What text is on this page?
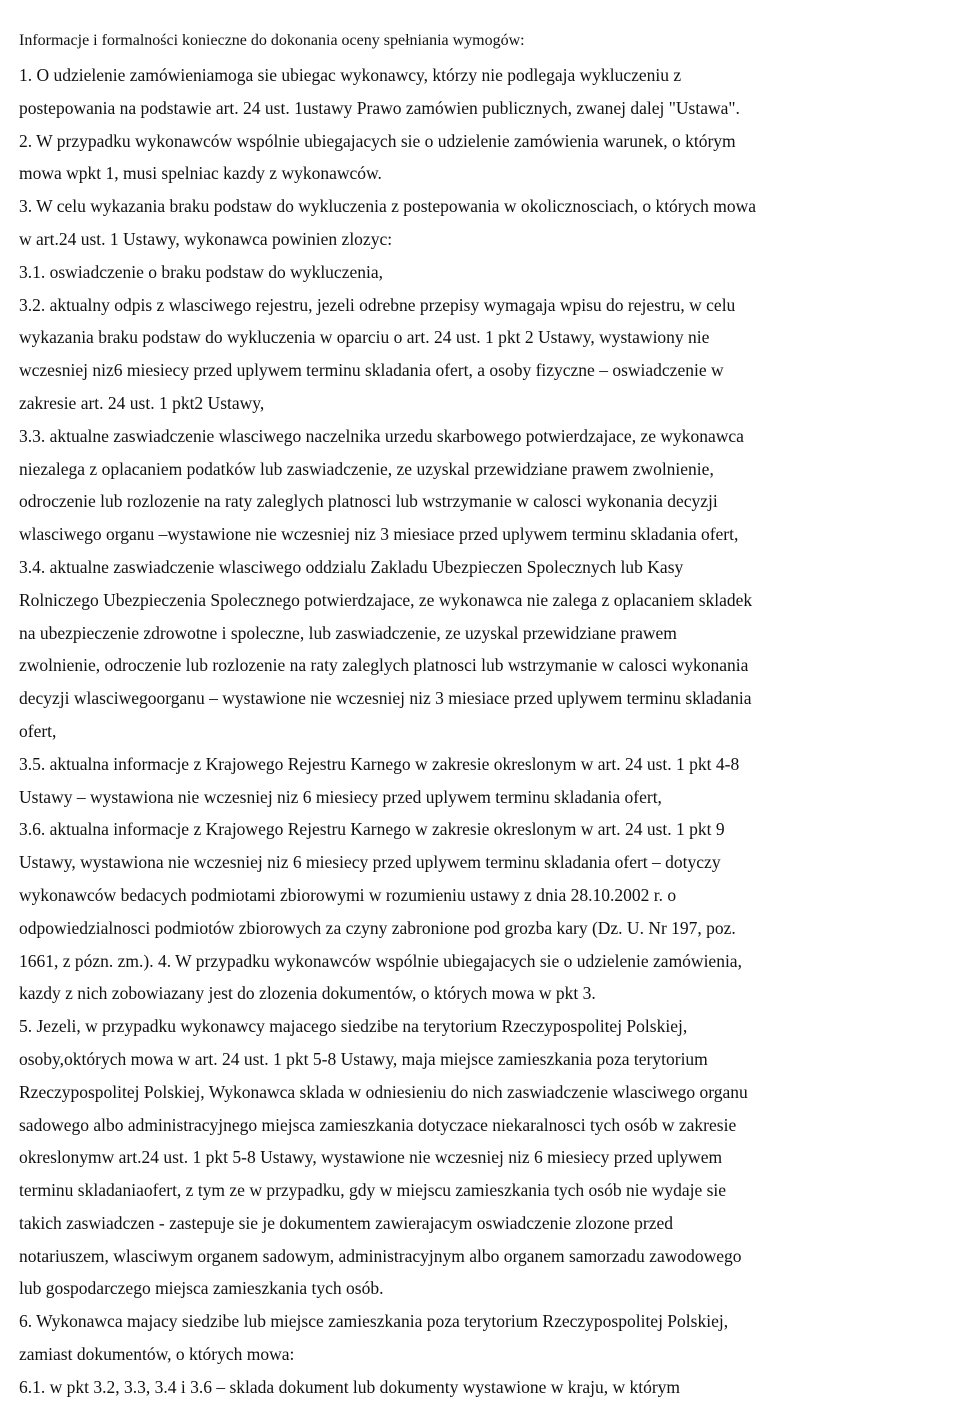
Informacje i formalności konieczne do dokonania oceny spełniania wymogów:
1. O udzielenie zamówieniamoga sie ubiegac wykonawcy, którzy nie podlegaja wykluczeniu z
postepowania na podstawie art. 24 ust. 1ustawy Prawo zamówien publicznych, zwanej dalej "Ustawa".
2. W przypadku wykonawców wspólnie ubiegajacych sie o udzielenie zamówienia warunek, o którym
mowa wpkt 1, musi spelniac kazdy z wykonawców.
3. W celu wykazania braku podstaw do wykluczenia z postepowania w okolicznosciach, o których mowa
w art.24 ust. 1 Ustawy, wykonawca powinien zlozyc:
3.1. oswiadczenie o braku podstaw do wykluczenia,
3.2. aktualny odpis z wlasciwego rejestru, jezeli odrebne przepisy wymagaja wpisu do rejestru, w celu
wykazania braku podstaw do wykluczenia w oparciu o art. 24 ust. 1 pkt 2 Ustawy, wystawiony nie
wczesniej niz6 miesiecy przed uplywem terminu skladania ofert, a osoby fizyczne – oswiadczenie w
zakresie art. 24 ust. 1 pkt2 Ustawy,
3.3. aktualne zaswiadczenie wlasciwego naczelnika urzedu skarbowego potwierdzajace, ze wykonawca
niezalega z oplacaniem podatków lub zaswiadczenie, ze uzyskal przewidziane prawem zwolnienie,
odroczenie lub rozlozenie na raty zaleglych platnosci lub wstrzymanie w calosci wykonania decyzji
wlasciwego organu –wystawione nie wczesniej niz 3 miesiace przed uplywem terminu skladania ofert,
3.4. aktualne zaswiadczenie wlasciwego oddzialu Zakladu Ubezpieczen Spolecznych lub Kasy
Rolniczego Ubezpieczenia Spolecznego potwierdzajace, ze wykonawca nie zalega z oplacaniem skladek
na ubezpieczenie zdrowotne i spoleczne, lub zaswiadczenie, ze uzyskal przewidziane prawem
zwolnienie, odroczenie lub rozlozenie na raty zaleglych platnosci lub wstrzymanie w calosci wykonania
decyzji wlasciwegoorganu – wystawione nie wczesniej niz 3 miesiace przed uplywem terminu skladania
ofert,
3.5. aktualna informacje z Krajowego Rejestru Karnego w zakresie okreslonym w art. 24 ust. 1 pkt 4-8
Ustawy – wystawiona nie wczesniej niz 6 miesiecy przed uplywem terminu skladania ofert,
3.6. aktualna informacje z Krajowego Rejestru Karnego w zakresie okreslonym w art. 24 ust. 1 pkt 9
Ustawy, wystawiona nie wczesniej niz 6 miesiecy przed uplywem terminu skladania ofert – dotyczy
wykonawców bedacych podmiotami zbiorowymi w rozumieniu ustawy z dnia 28.10.2002 r. o
odpowiedzialnosci podmiotów zbiorowych za czyny zabronione pod grozba kary (Dz. U. Nr 197, poz.
1661, z pózn. zm.). 4. W przypadku wykonawców wspólnie ubiegajacych sie o udzielenie zamówienia,
kazdy z nich zobowiazany jest do zlozenia dokumentów, o których mowa w pkt 3.
5. Jezeli, w przypadku wykonawcy majacego siedzibe na terytorium Rzeczypospolitej Polskiej,
osoby,októrych mowa w art. 24 ust. 1 pkt 5-8 Ustawy, maja miejsce zamieszkania poza terytorium
Rzeczypospolitej Polskiej, Wykonawca sklada w odniesieniu do nich zaswiadczenie wlasciwego organu
sadowego albo administracyjnego miejsca zamieszkania dotyczace niekaralnosci tych osób w zakresie
okreslonymw art.24 ust. 1 pkt 5-8 Ustawy, wystawione nie wczesniej niz 6 miesiecy przed uplywem
terminu skladaniaofert, z tym ze w przypadku, gdy w miejscu zamieszkania tych osób nie wydaje sie
takich zaswiadczen - zastepuje sie je dokumentem zawierajacym oswiadczenie zlozone przed
notariuszem, wlasciwym organem sadowym, administracyjnym albo organem samorzadu zawodowego
lub gospodarczego miejsca zamieszkania tych osób.
6. Wykonawca majacy siedzibe lub miejsce zamieszkania poza terytorium Rzeczypospolitej Polskiej,
zamiast dokumentów, o których mowa:
6.1. w pkt 3.2, 3.3, 3.4 i 3.6 – sklada dokument lub dokumenty wystawione w kraju, w którym
